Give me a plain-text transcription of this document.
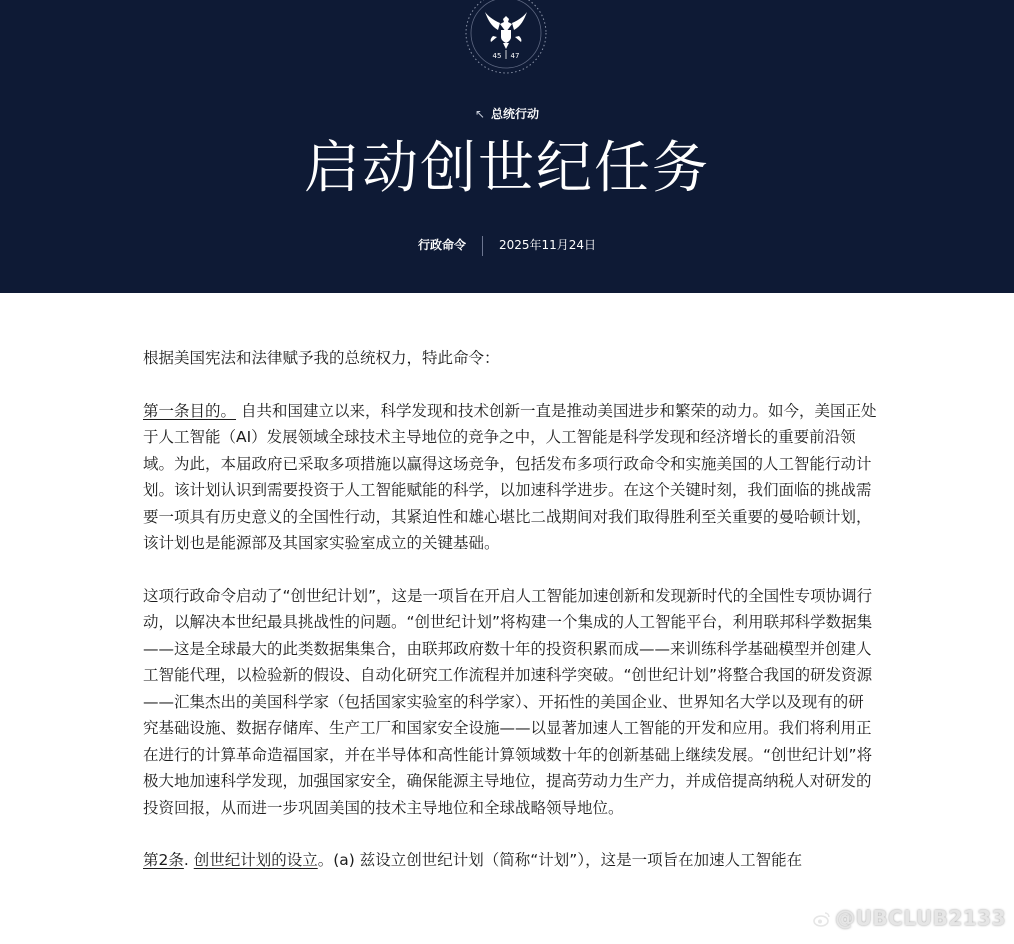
45 47
↖ 总统行动
启动创世纪任务
行政命令	2025年11月24日

根据美国宪法和法律赋予我的总统权力，特此命令：

第一条目的。 自共和国建立以来，科学发现和技术创新一直是推动美国进步和繁荣的动力。如今，美国正处于人工智能（AI）发展领域全球技术主导地位的竞争之中，人工智能是科学发现和经济增长的重要前沿领域。为此，本届政府已采取多项措施以赢得这场竞争，包括发布多项行政命令和实施美国的人工智能行动计划。该计划认识到需要投资于人工智能赋能的科学，以加速科学进步。在这个关键时刻，我们面临的挑战需要一项具有历史意义的全国性行动，其紧迫性和雄心堪比二战期间对我们取得胜利至关重要的曼哈顿计划，该计划也是能源部及其国家实验室成立的关键基础。

这项行政命令启动了“创世纪计划”，这是一项旨在开启人工智能加速创新和发现新时代的全国性专项协调行动，以解决本世纪最具挑战性的问题。“创世纪计划”将构建一个集成的人工智能平台，利用联邦科学数据集——这是全球最大的此类数据集集合，由联邦政府数十年的投资积累而成——来训练科学基础模型并创建人工智能代理，以检验新的假设、自动化研究工作流程并加速科学突破。“创世纪计划”将整合我国的研发资源——汇集杰出的美国科学家（包括国家实验室的科学家）、开拓性的美国企业、世界知名大学以及现有的研究基础设施、数据存储库、生产工厂和国家安全设施——以显著加速人工智能的开发和应用。我们将利用正在进行的计算革命造福国家，并在半导体和高性能计算领域数十年的创新基础上继续发展。“创世纪计划”将极大地加速科学发现，加强国家安全，确保能源主导地位，提高劳动力生产力，并成倍提高纳税人对研发的投资回报，从而进一步巩固美国的技术主导地位和全球战略领导地位。

第2条. 创世纪计划的设立。(a) 兹设立创世纪计划（简称“计划”），这是一项旨在加速人工智能在

@UBCLUB2133
